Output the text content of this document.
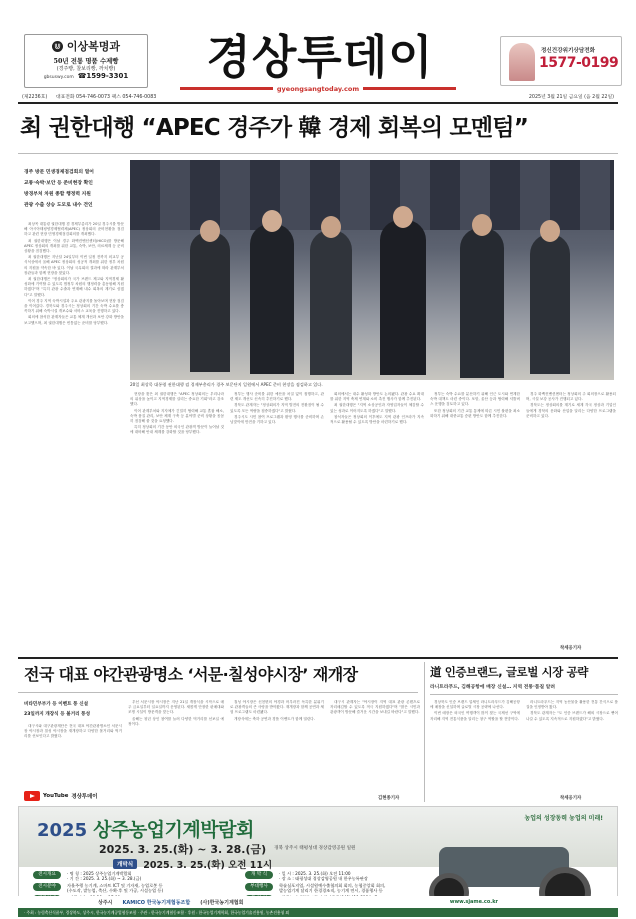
⋓ 이상복명과
50년 전통 명품 수제빵
(경주빵, 찰보리빵, 까치빵)
gbsuswy.com ☎1599-3301	경상투데이
gyeongsangtoday.com
정신건강위기상담전화
1577-0199
(제2236호) 대표전화 054-746-0073 팩스 054-746-0083	2025년 3월 21일 금요일 (음 2월 22일)
최 권한대행 “APEC 경주가 韓 경제 회복의 모멘텀”
경주 방문 민생경제점검회의 열어
교통·숙박·보안 등 준비현장 확인
방경부처 차원 종합 행정력 지원
관광 수출 상승 도모로 내수 견인

최상목 대통령 권한대행 겸 경제부총리가 20일 경주시를 방문해 아시아태평양경제협력체(APEC) 정상회의 준비현황을 점검하고 관련 현장 민생경제점검회의를 개최했다.

최 권한대행은 이날 경주 화백컨벤션센터(HICO)를 방문해 APEC 정상회의 개최를 위한 교통, 숙박, 보안, 의료체계 등 준비상황을 점검했다.

최 권한대행은 지난달 24일부터 이번 일정 전까지 외교부 공식석상에서 올해 APEC 정상회의 성공적 개최를 위한 정부 차원의 지원을 약속한 바 있다. 이날 국무회의 결과에 따라 관계부처 장관들과 함께 현장을 찾았다.

최 권한대행은 "정상회의가 국가 브랜드 제고와 지역경제 활성화에 기여할 수 있도록 범정부 차원의 행정력을 총동원해 지원하겠다"며 "특히 관광 수출과 연계해 내수 회복의 계기로 삼겠다"고 말했다.

이어 경주 지역 숙박시설과 주요 관광지를 돌아보며 현장 점검을 이어갔다. 경북도와 경주시는 정상회의 기간 숙박 수요를 충족하기 위해 숙박시설 개보수와 서비스 교육을 진행하고 있다.

회의에 참석한 관계자들은 교통 체계 개선과 보안 강화 방안을 보고했으며, 최 권한대행은 빈틈없는 준비를 당부했다.

20일 최상목 대통령 권한대행 겸 경제부총리가 경주 보문단지 일원에서 APEC 준비 현장을 점검하고 있다.

현장을 찾은 최 권한대행은 "APEC 정상회의는 우리나라의 위상을 높이고 지역경제를 살리는 중요한 기회"라고 강조했다.

이어 관계부처와 지자체가 긴밀히 협력해 교통 혼잡 해소, 숙박 품질 관리, 보안 체계 구축 등 분야별 준비 상황을 꼼꼼히 점검해 줄 것을 요청했다.

특히 정상회의 기간 동안 외국인 관광객 방문이 늘어날 것에 대비해 안내 체계를 강화할 것을 당부했다.

정부는 행사 준비를 위한 예산을 차질 없이 집행하고, 관련 제도 개선도 신속히 추진하기로 했다.

경북도 관계자는 "정상회의가 지역 발전의 전환점이 될 수 있도록 모든 역량을 집중하겠다"고 밝혔다.

경주시도 시민 참여 프로그램과 환영 행사를 준비하며 손님맞이에 만전을 기하고 있다.

회의에서는 내수 활성화 방안도 논의됐다. 관광 수요 확대를 위한 지역 축제 연계와 소비 촉진 행사가 함께 추진된다.

최 권한대행은 "지역 소상공인과 자영업자들이 체감할 수 있는 성과로 이어지도록 하겠다"고 말했다.

참석자들은 정상회의 이후에도 지역 관광 인프라가 지속적으로 활용될 수 있도록 방안을 마련하기로 했다.

정부는 숙박 수요를 분산하기 위해 인근 도시와 연계한 숙박 대책도 마련 중이다. 포항, 울산 등과 협력해 셔틀버스 운행을 검토하고 있다.

또한 정상회의 기간 교통 통제에 따른 시민 불편을 최소화하기 위해 대중교통 증편 방안도 함께 추진한다.

경주 화백컨벤션센터는 정상회의 주 회의장으로 활용되며, 시설 보강 공사가 진행되고 있다.

경북도는 정상회의를 계기로 세계 각국 정상과 기업인들에게 경북의 문화와 산업을 알리는 다양한 프로그램을 준비하고 있다.

착세웅기자
전국 대표 야간관광명소 ‘서문·칠성야시장’ 재개장
비타민부부가 등 이벤트 풍 신설
23일까지 개장식 등 볼거리 풍성

대구시와 대구관광재단은 전국 대표 야간관광명소인 서문시장 야시장과 칠성 야시장을 재개장하고 다양한 볼거리와 먹거리를 선보인다고 밝혔다.

YouTube 경상투데이

우선 서문시장 야시장은 지난 21일 개장식을 시작으로 매주 금요일부터 일요일까지 운영된다. 새롭게 단장한 판매대와 조명 시설이 방문객을 맞는다.

올해는 청년 상인 참여를 늘려 다양한 먹거리를 선보일 예정이다.

칠성 야시장은 신천변의 야경과 어우러진 독특한 분위기로 관광객들의 큰 사랑을 받아왔다. 재개장과 함께 공연과 체험 프로그램도 마련됐다.

개장식에는 축하 공연과 경품 이벤트가 함께 열린다.

대구시 관계자는 "야시장이 지역 대표 관광 콘텐츠로 자리매김할 수 있도록 적극 지원하겠다"며 "많은 시민과 관광객이 방문해 즐거운 시간을 보내길 바란다"고 말했다.

김현종기자
道 인증브랜드, 글로벌 시장 공략
라니트라푸드, 김해공항에 매장 신설… 지역 전통·품질 알려

경상북도 인증 브랜드 업체인 라니트라푸드가 김해공항에 매장을 신설하며 글로벌 시장 공략에 나선다.

이번 매장은 외국인 여행객이 많이 찾는 국제선 구역에 자리해 지역 전통식품을 알리는 창구 역할을 할 전망이다.

라니트라푸드는 지역 농산물을 활용한 전통 간식으로 품질을 인정받아 왔다.

경북도 관계자는 "도 인증 브랜드가 해외 시장으로 뻗어나갈 수 있도록 지속적으로 지원하겠다"고 밝혔다.

착세웅기자
농업의 성장동력 농업의 미래!
2025 상주농업기계박람회
2025. 3. 25.(화) ~ 3. 28.(금) 경북 상주시 태평성대 경상감영공원 일원
개막식	2025. 3. 25.(화) 오전 11시
전시개요	· 명 칭 : 2025 상주농업기계박람회
· 기 간 : 2025. 3. 25.(화) ~ 3. 28.(금)
전시분야	자율주행 농기계, 스마트 ICT 및 기자재, 농업로봇 등
(수도작, 밭농업, 축산, 수확·후 및 가공, 시설농업 등)
개 막 식	· 일 시 : 2025. 3. 25.(화) 오전 11:00
· 장 소 : 태평성대 경상감영공원 내 한우농특판장
부대행사	학술심포지엄, 시설원예수출협의회 회의, 농협중앙회 회의,
발농업기계 달리기 한경경조직, 농기계 연시, 경품행사 등
상주시 KAMICO 한국농기계협동조합 (사)한국농기계협회	www.sjame.co.kr
· 주최 : 농림축산식품부, 경상북도, 상주시, 한국농기계공업협동조합 · 주관 : 한국농기계협동조합 · 후원 : 한국농업기계학회, 한국농업기술진흥원, 농촌진흥청 외
